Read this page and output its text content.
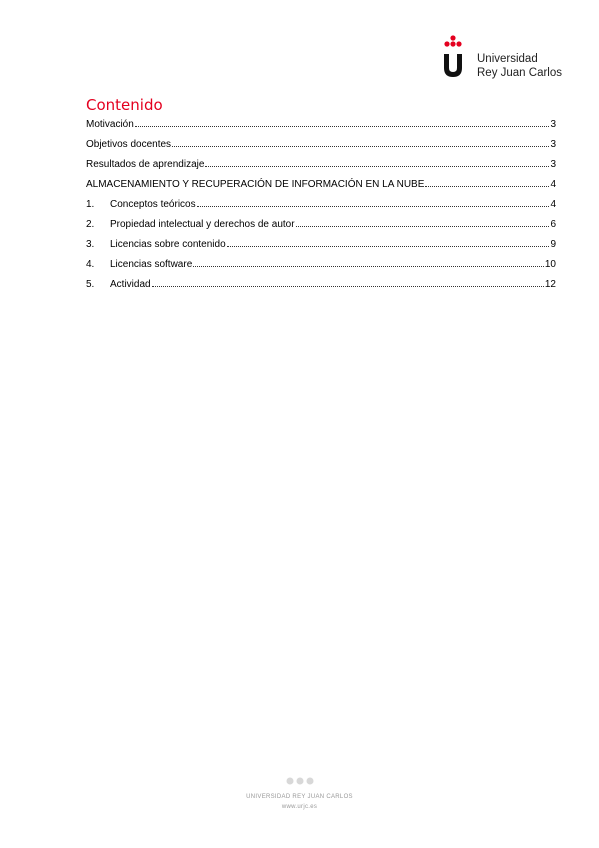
Universidad
Rey Juan Carlos
Contenido
Motivación	3
Objetivos docentes	3
Resultados de aprendizaje	3
ALMACENAMIENTO Y RECUPERACIÓN DE INFORMACIÓN EN LA NUBE	4
1.	Conceptos teóricos	4
2.	Propiedad intelectual y derechos de autor	6
3.	Licencias sobre contenido	9
4.	Licencias software	10
5.	Actividad	12
UNIVERSIDAD REY JUAN CARLOS
www.urjc.es
